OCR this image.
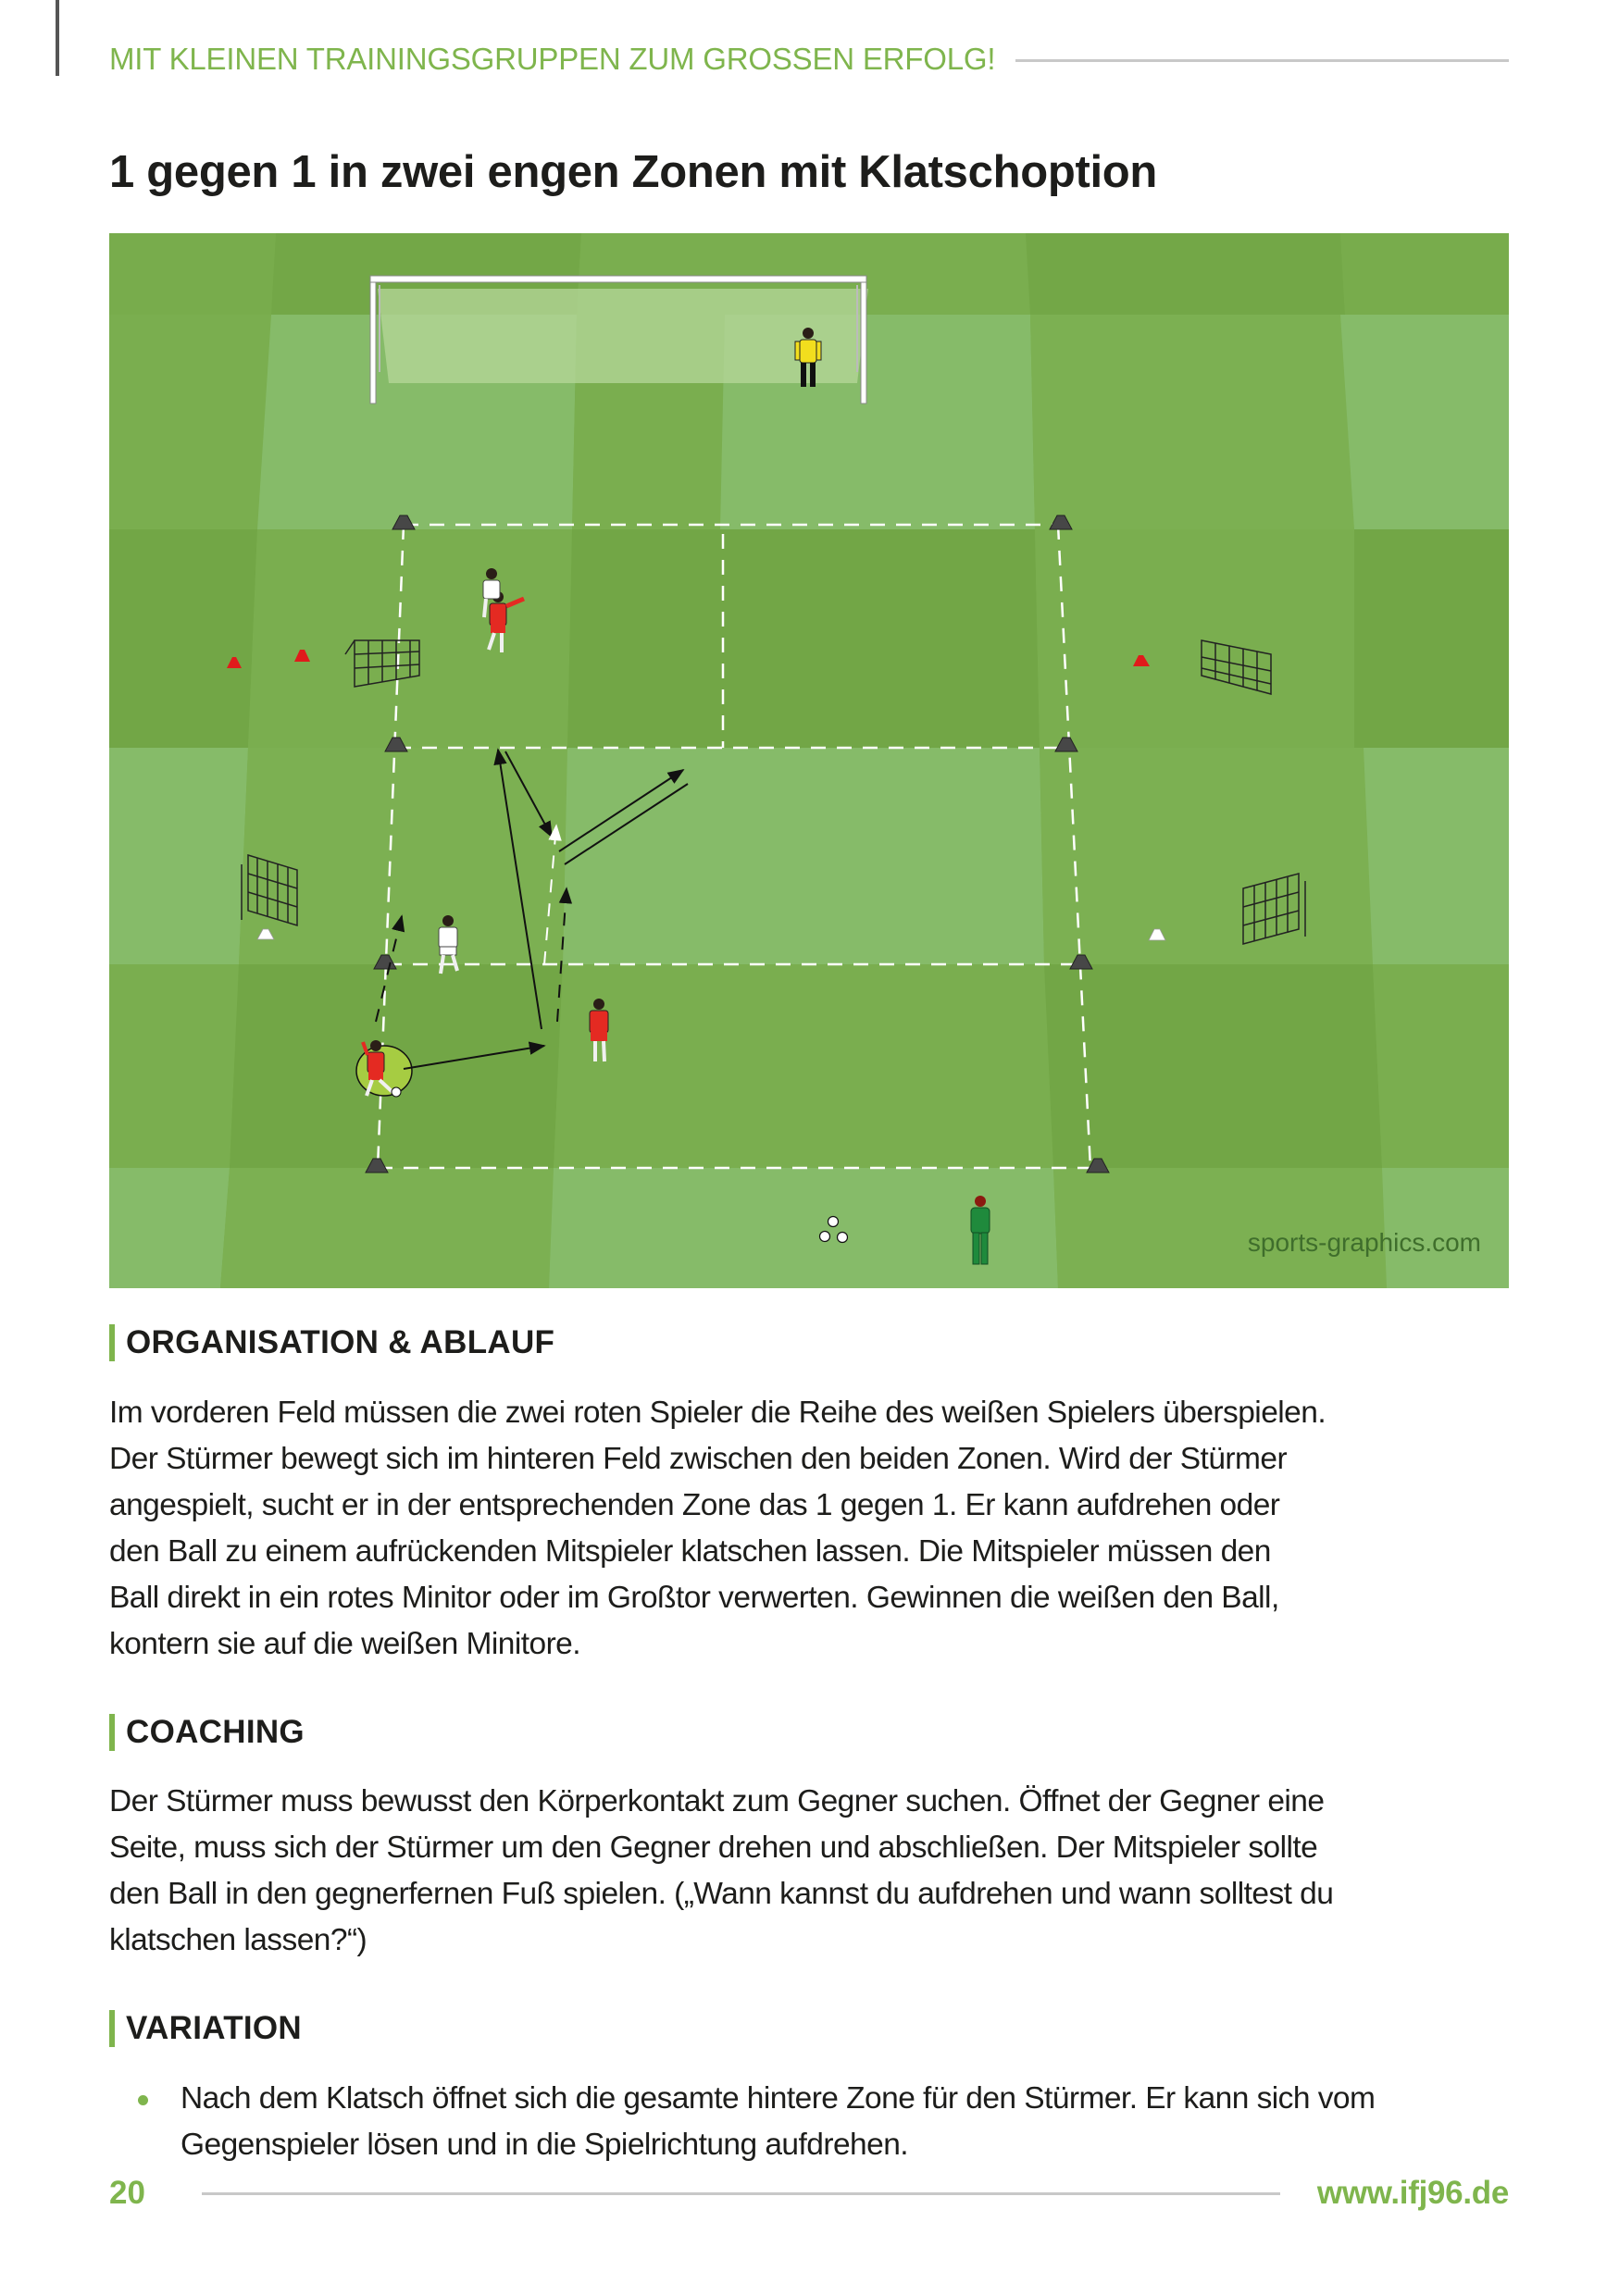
MIT KLEINEN TRAININGSGRUPPEN ZUM GROSSEN ERFOLG!
1 gegen 1 in zwei engen Zonen mit Klatschoption
sports-graphics.com
ORGANISATION & ABLAUF

Im vorderen Feld müssen die zwei roten Spieler die Reihe des weißen Spielers überspielen.

Der Stürmer bewegt sich im hinteren Feld zwischen den beiden Zonen. Wird der Stürmer

angespielt, sucht er in der entsprechenden Zone das 1 gegen 1. Er kann aufdrehen oder

den Ball zu einem aufrückenden Mitspieler klatschen lassen. Die Mitspieler müssen den

Ball direkt in ein rotes Minitor oder im Großtor verwerten. Gewinnen die weißen den Ball,

kontern sie auf die weißen Minitore.

COACHING

Der Stürmer muss bewusst den Körperkontakt zum Gegner suchen. Öffnet der Gegner eine

Seite, muss sich der Stürmer um den Gegner drehen und abschließen. Der Mitspieler sollte

den Ball in den gegnerfernen Fuß spielen. („Wann kannst du aufdrehen und wann solltest du

klatschen lassen?“)

VARIATION
Nach dem Klatsch öffnet sich die gesamte hintere Zone für den Stürmer. Er kann sich vom
Gegenspieler lösen und in die Spielrichtung aufdrehen.
20	www.ifj96.de
